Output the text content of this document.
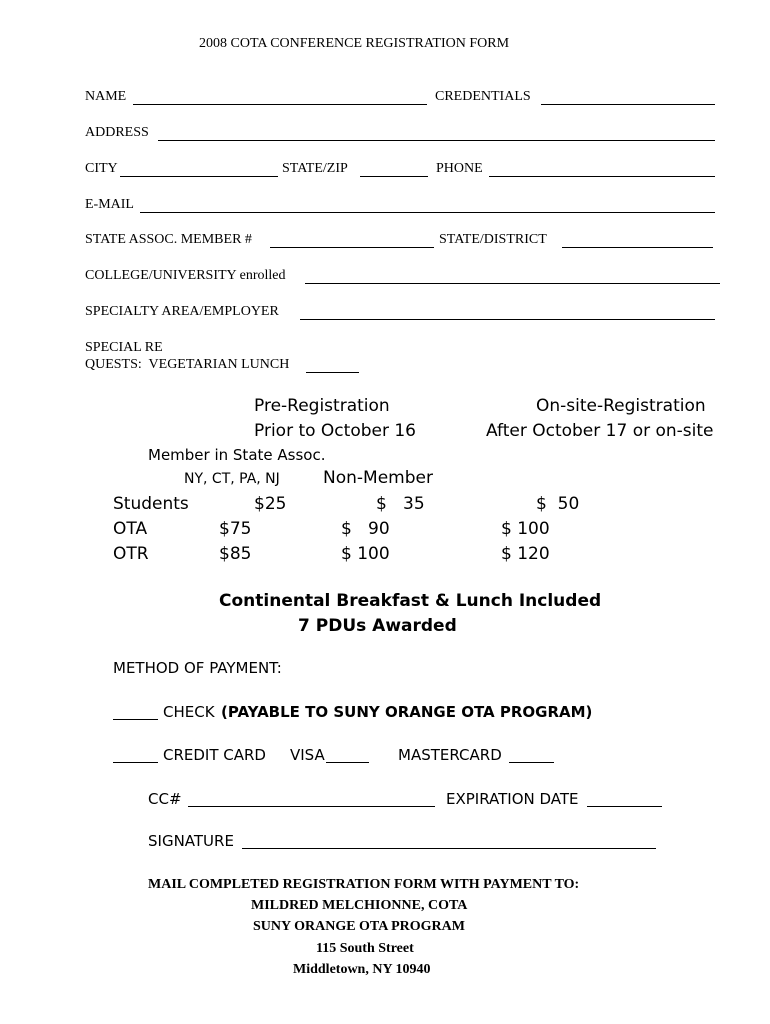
2008 COTA CONFERENCE REGISTRATION FORM
NAME	CREDENTIALS
ADDRESS
CITY	STATE/ZIP	PHONE
E-MAIL
STATE ASSOC. MEMBER #	STATE/DISTRICT
COLLEGE/UNIVERSITY enrolled
SPECIALTY AREA/EMPLOYER
SPECIAL RE
QUESTS:  VEGETARIAN LUNCH
Pre-Registration
Prior to October 16
On-site-Registration
After October 17 or on-site
Member in State Assoc.
NY, CT, PA, NJ	Non-Member
Students	$25	$   35	$  50
OTA	$75	$   90	$ 100
OTR	$85	$ 100	$ 120
Continental Breakfast & Lunch Included
7 PDUs Awarded
METHOD OF PAYMENT:
CHECK (PAYABLE TO SUNY ORANGE OTA PROGRAM)
CREDIT CARD VISA	MASTERCARD
CC#	EXPIRATION DATE
SIGNATURE
MAIL COMPLETED REGISTRATION FORM WITH PAYMENT TO:
MILDRED MELCHIONNE, COTA
SUNY ORANGE OTA PROGRAM
115 South Street
Middletown, NY 10940
